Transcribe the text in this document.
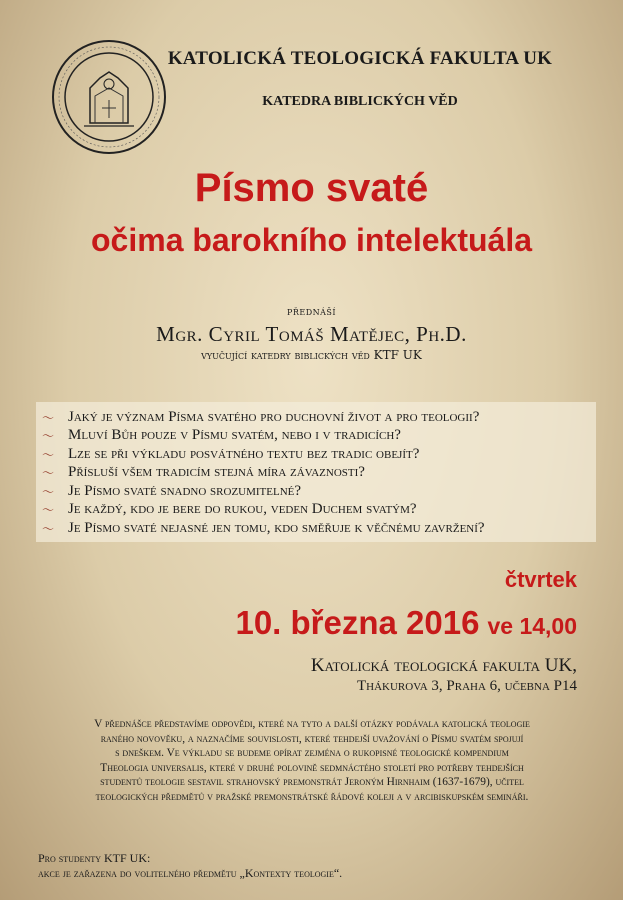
KATOLICKÁ TEOLOGICKÁ FAKULTA UK
KATEDRA BIBLICKÝCH VĚD
Písmo svaté
očima barokního intelektuála
přednáší
Mgr. Cyril Tomáš Matějec, Ph.D.
vyučující katedry biblických věd KTF UK
〜 Jaký je význam Písma svatého pro duchovní život a pro teologii?
〜 Mluví Bůh pouze v Písmu svatém, nebo i v tradicích?
〜 Lze se při výkladu posvátného textu bez tradic obejít?
〜 Přísluší všem tradicím stejná míra závaznosti?
〜 Je Písmo svaté snadno srozumitelné?
〜 Je každý, kdo je bere do rukou, veden Duchem svatým?
〜 Je Písmo svaté nejasné jen tomu, kdo směřuje k věčnému zavržení?
čtvrtek
10. března 2016 ve 14,00
Katolická teologická fakulta UK,
Thákurova 3, Praha 6, učebna P14
V přednášce představíme odpovědi, které na tyto a další otázky podávala katolická teologie
raného novověku, a naznačíme souvislosti, které tehdejší uvažování o Písmu svatém spojují
s dneškem. Ve výkladu se budeme opírat zejména o rukopisné teologické kompendium
Theologia universalis, které v druhé polovině sedmnáctého století pro potřeby tehdejších
studentů teologie sestavil strahovský premonstrát Jeroným Hirnhaim (1637-1679), učitel
teologických předmětů v pražské premonstrátské řádové koleji a v arcibiskupském semináři.
Pro studenty KTF UK:
akce je zařazena do volitelného předmětu „Kontexty teologie“.
